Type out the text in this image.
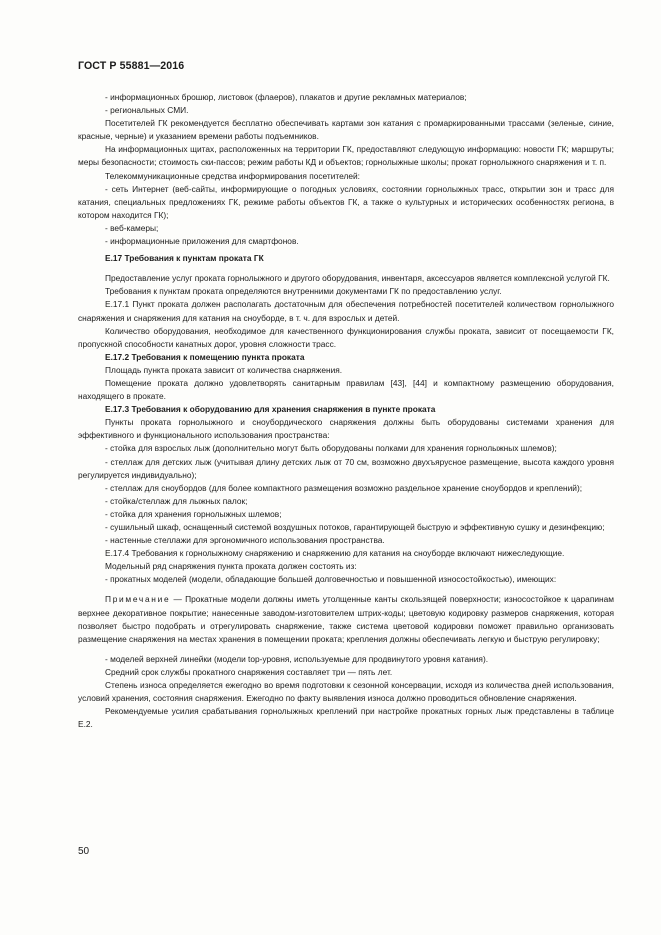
ГОСТ Р 55881—2016

- информационных брошюр, листовок (флаеров), плакатов и другие рекламных материалов;

- региональных СМИ.

Посетителей ГК рекомендуется бесплатно обеспечивать картами зон катания с промаркированными трассами (зеленые, синие, красные, черные) и указанием времени работы подъемников.

На информационных щитах, расположенных на территории ГК, предоставляют следующую информацию: новости ГК; маршруты; меры безопасности; стоимость ски-пассов; режим работы КД и объектов; горнолыжные школы; прокат горнолыжного снаряжения и т. п.

Телекоммуникационные средства информирования посетителей:

- сеть Интернет (веб-сайты, информирующие о погодных условиях, состоянии горнолыжных трасс, открытии зон и трасс для катания, специальных предложениях ГК, режиме работы объектов ГК, а также о культурных и исторических особенностях региона, в котором находится ГК);

- веб-камеры;

- информационные приложения для смартфонов.

Е.17 Требования к пунктам проката ГК

Предоставление услуг проката горнолыжного и другого оборудования, инвентаря, аксессуаров является комплексной услугой ГК.

Требования к пунктам проката определяются внутренними документами ГК по предоставлению услуг.

Е.17.1 Пункт проката должен располагать достаточным для обеспечения потребностей посетителей количеством горнолыжного снаряжения и снаряжения для катания на сноуборде, в т. ч. для взрослых и детей.

Количество оборудования, необходимое для качественного функционирования службы проката, зависит от посещаемости ГК, пропускной способности канатных дорог, уровня сложности трасс.

Е.17.2 Требования к помещению пункта проката

Площадь пункта проката зависит от количества снаряжения.

Помещение проката должно удовлетворять санитарным правилам [43], [44] и компактному размещению оборудования, находящего в прокате.

Е.17.3 Требования к оборудованию для хранения снаряжения в пункте проката

Пункты проката горнолыжного и сноубордического снаряжения должны быть оборудованы системами хранения для эффективного и функционального использования пространства:

- стойка для взрослых лыж (дополнительно могут быть оборудованы полками для хранения горнолыжных шлемов);

- стеллаж для детских лыж (учитывая длину детских лыж от 70 см, возможно двухъярусное размещение, высота каждого уровня регулируется индивидуально);

- стеллаж для сноубордов (для более компактного размещения возможно раздельное хранение сноубордов и креплений);

- стойка/стеллаж для лыжных палок;

- стойка для хранения горнолыжных шлемов;

- сушильный шкаф, оснащенный системой воздушных потоков, гарантирующей быструю и эффективную сушку и дезинфекцию;

- настенные стеллажи для эргономичного использования пространства.

Е.17.4 Требования к горнолыжному снаряжению и снаряжению для катания на сноуборде включают нижеследующие.

Модельный ряд снаряжения пункта проката должен состоять из:

- прокатных моделей (модели, обладающие большей долговечностью и повышенной износостойкостью), имеющих:

Примечание — Прокатные модели должны иметь утолщенные канты скользящей поверхности; износостойкое к царапинам верхнее декоративное покрытие; нанесенные заводом-изготовителем штрих-коды; цветовую кодировку размеров снаряжения, которая позволяет быстро подобрать и отрегулировать снаряжение, также система цветовой кодировки поможет правильно организовать размещение снаряжения на местах хранения в помещении проката; крепления должны обеспечивать легкую и быструю регулировку;

- моделей верхней линейки (модели top-уровня, используемые для продвинутого уровня катания).

Средний срок службы прокатного снаряжения составляет три — пять лет.

Степень износа определяется ежегодно во время подготовки к сезонной консервации, исходя из количества дней использования, условий хранения, состояния снаряжения. Ежегодно по факту выявления износа должно проводиться обновление снаряжения.

Рекомендуемые усилия срабатывания горнолыжных креплений при настройке прокатных горных лыж представлены в таблице Е.2.

50
